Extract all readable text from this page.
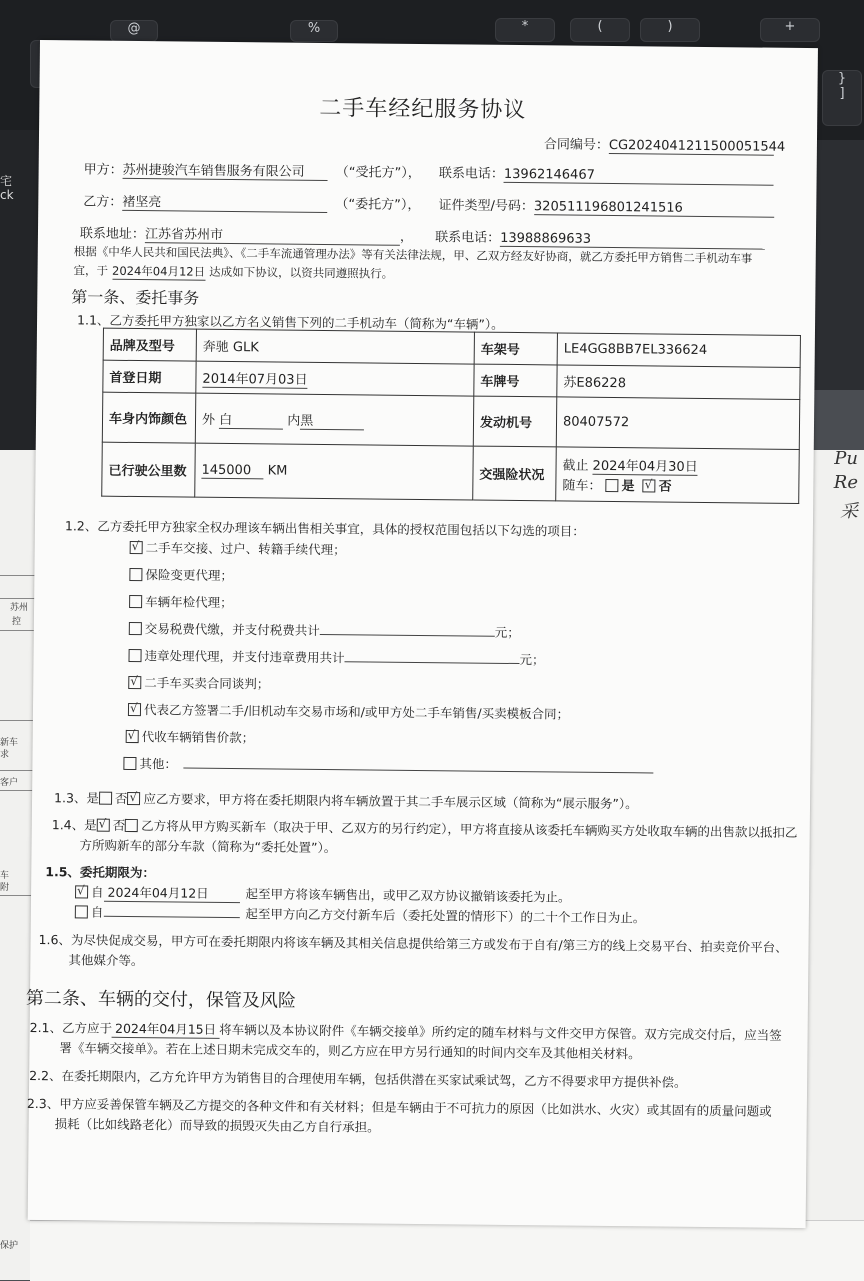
@	%	*	(	)	+
}
]
宅
ck
苏州
控
新车
求
客户
车
附
保护
Pu
Re
采
二手车经纪服务协议
合同编号：CG2024041211500051544
甲方：苏州捷骏汽车销售服务有限公司 （“受托方”）， 联系电话：13962146467
乙方：褚坚亮	（“委托方”）， 证件类型/号码：320511196801241516
联系地址：江苏省苏州市	， 联系电话：13988869633
根据《中华人民共和国民法典》、《二手车流通管理办法》等有关法律法规，甲、乙双方经友好协商，就乙方委托甲方销售二手机动车事
宜，于 2024年04月12日 达成如下协议，以资共同遵照执行。
第一条、委托事务
1.1、乙方委托甲方独家以乙方名义销售下列的二手机动车（简称为“车辆”）。
品牌及型号	奔驰 GLK	车架号	LE4GG8BB7EL336624
首登日期	2014年07月03日	车牌号	苏E86228
车身内饰颜色	外 白 内黑	发动机号	80407572
已行驶公里数	145000 KM	交强险状况	截止 2024年04月30日
随车： 是 √ 否
1.2、乙方委托甲方独家全权办理该车辆出售相关事宜，具体的授权范围包括以下勾选的项目：
√二手车交接、过户、转籍手续代理；
保险变更代理；
车辆年检代理；
交易税费代缴，并支付税费共计	元；
违章处理代理，并支付违章费用共计	元；
√二手车买卖合同谈判；
√代表乙方签署二手/旧机动车交易市场和/或甲方处二手车销售/买卖模板合同；
√代收车辆销售价款；
其他：
1.3、是 否 √ 应乙方要求，甲方将在委托期限内将车辆放置于其二手车展示区域（简称为“展示服务”）。
1.4、是 √ 否 乙方将从甲方购买新车（取决于甲、乙双方的另行约定），甲方将直接从该委托车辆购买方处收取车辆的出售款以抵扣乙
方所购新车的部分车款（简称为“委托处置”）。
1.5、委托期限为：
√自 2024年04月12日	起至甲方将该车辆售出，或甲乙双方协议撤销该委托为止。
自	起至甲方向乙方交付新车后（委托处置的情形下）的二十个工作日为止。
1.6、为尽快促成交易，甲方可在委托期限内将该车辆及其相关信息提供给第三方或发布于自有/第三方的线上交易平台、拍卖竞价平台、
其他媒介等。
第二条、车辆的交付，保管及风险
2.1、乙方应于 2024年04月15日 将车辆以及本协议附件《车辆交接单》所约定的随车材料与文件交甲方保管。双方完成交付后，应当签
署《车辆交接单》。若在上述日期未完成交车的，则乙方应在甲方另行通知的时间内交车及其他相关材料。
2.2、在委托期限内，乙方允许甲方为销售目的合理使用车辆，包括供潜在买家试乘试驾，乙方不得要求甲方提供补偿。
2.3、甲方应妥善保管车辆及乙方提交的各种文件和有关材料；但是车辆由于不可抗力的原因（比如洪水、火灾）或其固有的质量问题或
损耗（比如线路老化）而导致的损毁灭失由乙方自行承担。
